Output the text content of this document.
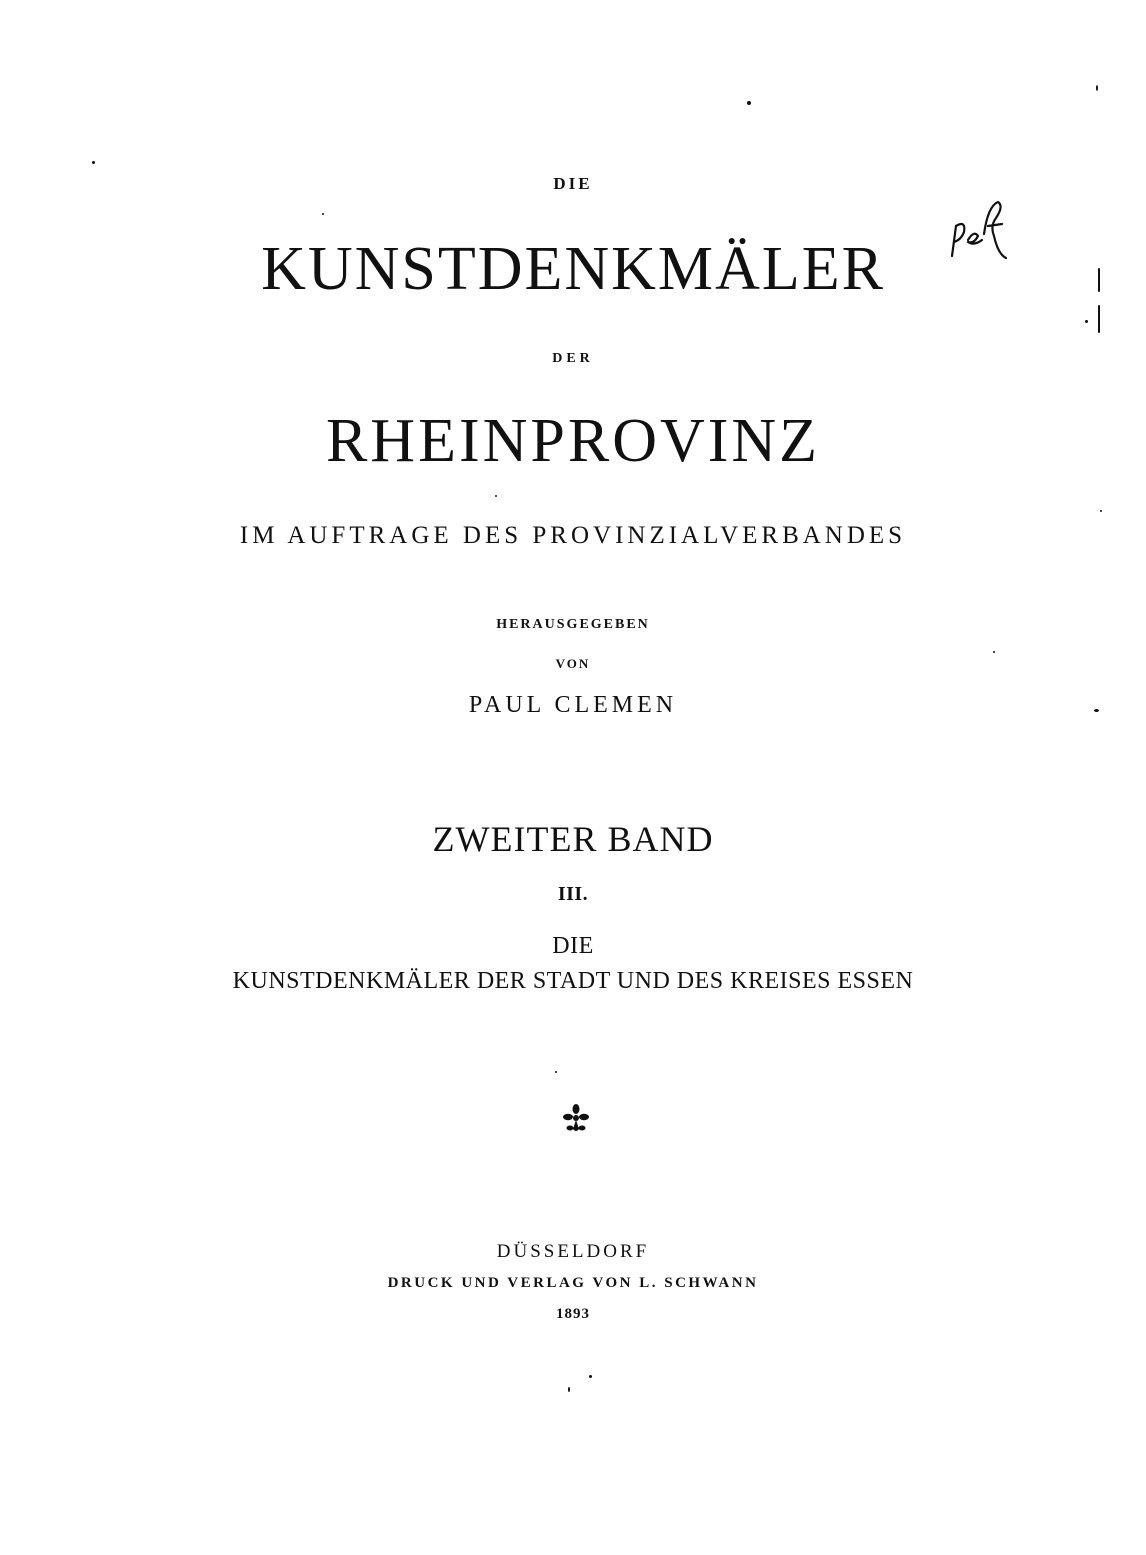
DIE
KUNSTDENKMÄLER
DER
RHEINPROVINZ
IM AUFTRAGE DES PROVINZIALVERBANDES
HERAUSGEGEBEN
VON
PAUL CLEMEN
ZWEITER BAND
III.
DIE
KUNSTDENKMÄLER DER STADT UND DES KREISES ESSEN
DÜSSELDORF
DRUCK UND VERLAG VON L. SCHWANN
1893
